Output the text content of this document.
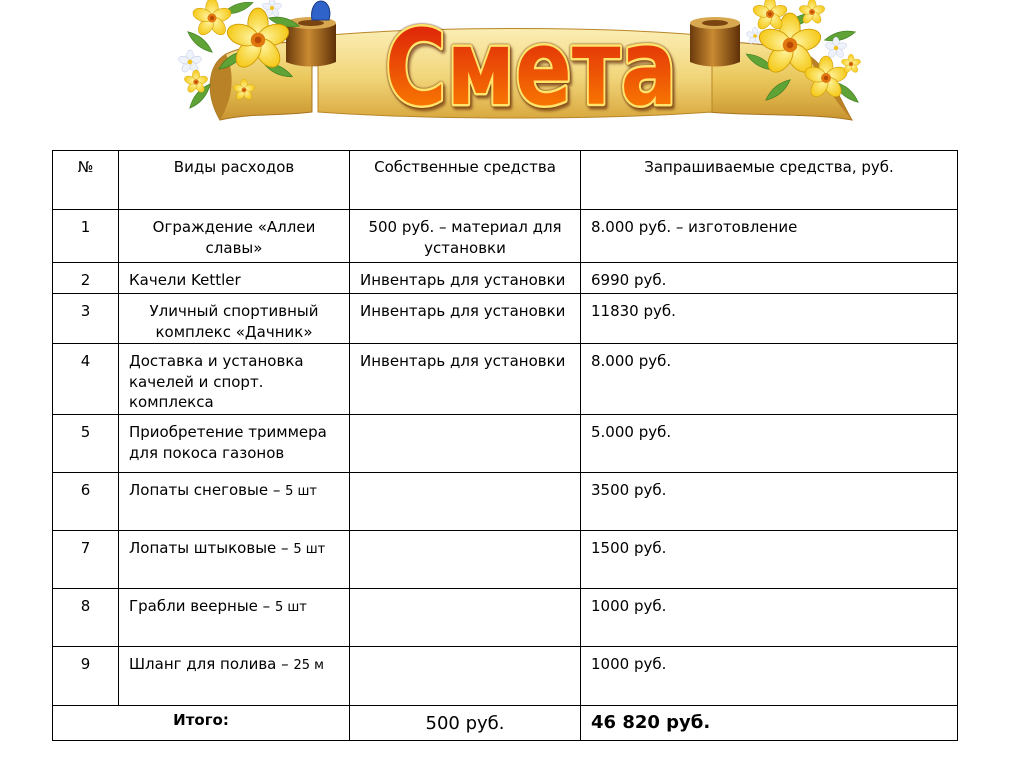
Смета
№	Виды расходов	Собственные средства	Запрашиваемые средства, руб.
1	Ограждение «Аллеи славы»	500 руб. – материал для установки	8.000 руб. – изготовление
2	Качели Kettler	Инвентарь для установки	6990 руб.
3	Уличный спортивный комплекс «Дачник»	Инвентарь для установки	11830 руб.
4	Доставка и установка качелей и спорт. комплекса	Инвентарь для установки	8.000 руб.
5	Приобретение триммера для покоса газонов		5.000 руб.
6	Лопаты снеговые – 5 шт		3500 руб.
7	Лопаты штыковые – 5 шт		1500 руб.
8	Грабли веерные – 5 шт		1000 руб.
9	Шланг для полива – 25 м		1000 руб.
Итого:		500 руб.	46 820 руб.
